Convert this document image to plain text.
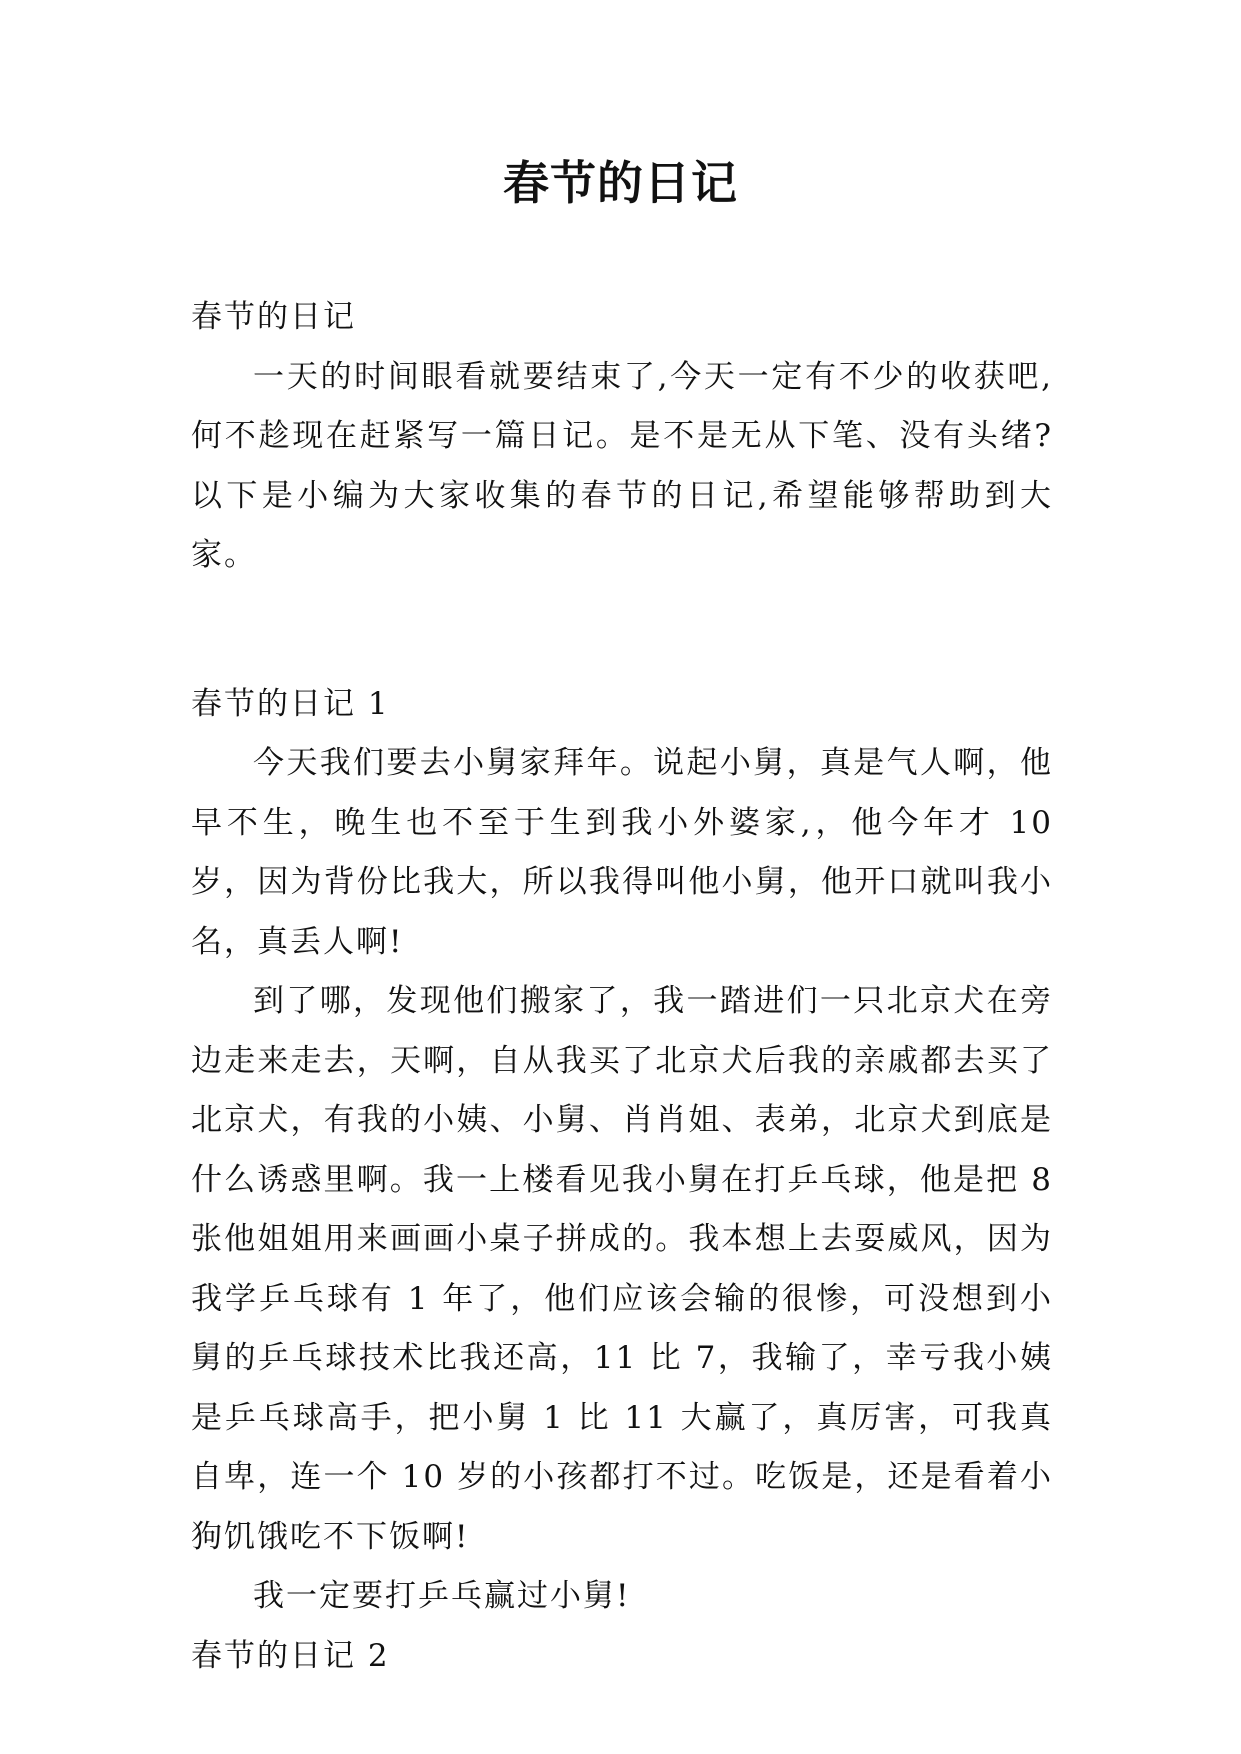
春节的日记

春节的日记

一天的时间眼看就要结束了,今天一定有不少的收获吧,何不趁现在赶紧写一篇日记。是不是无从下笔、没有头绪?以下是小编为大家收集的春节的日记,希望能够帮助到大家。

春节的日记 1

今天我们要去小舅家拜年。说起小舅，真是气人啊，他早不生，晚生也不至于生到我小外婆家,，他今年才 10 岁，因为背份比我大，所以我得叫他小舅，他开口就叫我小名，真丢人啊!

到了哪，发现他们搬家了，我一踏进们一只北京犬在旁边走来走去，天啊，自从我买了北京犬后我的亲戚都去买了北京犬，有我的小姨、小舅、肖肖姐、表弟，北京犬到底是什么诱惑里啊。我一上楼看见我小舅在打乒乓球，他是把 8 张他姐姐用来画画小桌子拼成的。我本想上去耍威风，因为我学乒乓球有 1 年了，他们应该会输的很惨，可没想到小舅的乒乓球技术比我还高，11 比 7，我输了，幸亏我小姨是乒乓球高手，把小舅 1 比 11 大赢了，真厉害，可我真自卑，连一个 10 岁的小孩都打不过。吃饭是，还是看着小狗饥饿吃不下饭啊!

我一定要打乒乓赢过小舅!

春节的日记 2
